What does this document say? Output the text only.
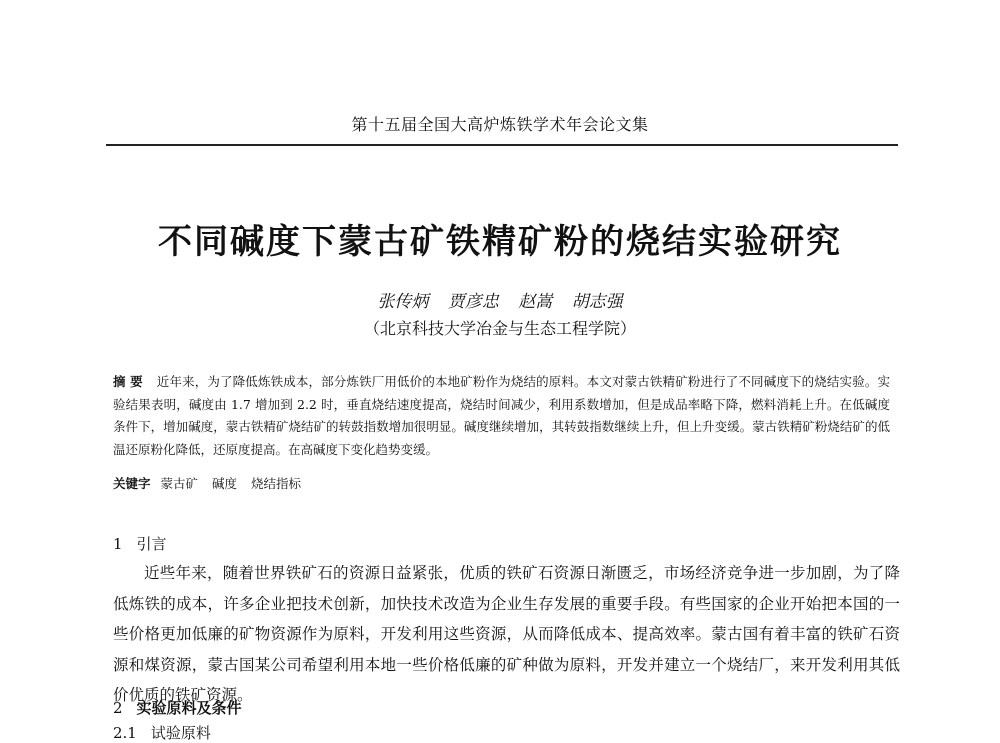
第十五届全国大高炉炼铁学术年会论文集
不同碱度下蒙古矿铁精矿粉的烧结实验研究
张传炳 贾彦忠 赵嵩 胡志强
（北京科技大学冶金与生态工程学院）
摘 要 近年来，为了降低炼铁成本，部分炼铁厂用低价的本地矿粉作为烧结的原料。本文对蒙古铁精矿粉进行了不同碱度下的烧结实验。实验结果表明，碱度由 1.7 增加到 2.2 时，垂直烧结速度提高，烧结时间减少，利用系数增加，但是成品率略下降，燃料消耗上升。在低碱度条件下，增加碱度，蒙古铁精矿烧结矿的转鼓指数增加很明显。碱度继续增加，其转鼓指数继续上升，但上升变缓。蒙古铁精矿粉烧结矿的低温还原粉化降低，还原度提高。在高碱度下变化趋势变缓。
关键字 蒙古矿 碱度 烧结指标
1 引言
近些年来，随着世界铁矿石的资源日益紧张，优质的铁矿石资源日渐匮乏，市场经济竞争进一步加剧，为了降低炼铁的成本，许多企业把技术创新，加快技术改造为企业生存发展的重要手段。有些国家的企业开始把本国的一些价格更加低廉的矿物资源作为原料，开发利用这些资源，从而降低成本、提高效率。蒙古国有着丰富的铁矿石资源和煤资源，蒙古国某公司希望利用本地一些价格低廉的矿种做为原料，开发并建立一个烧结厂，来开发利用其低价优质的铁矿资源。
2 实验原料及条件
2.1 试验原料
